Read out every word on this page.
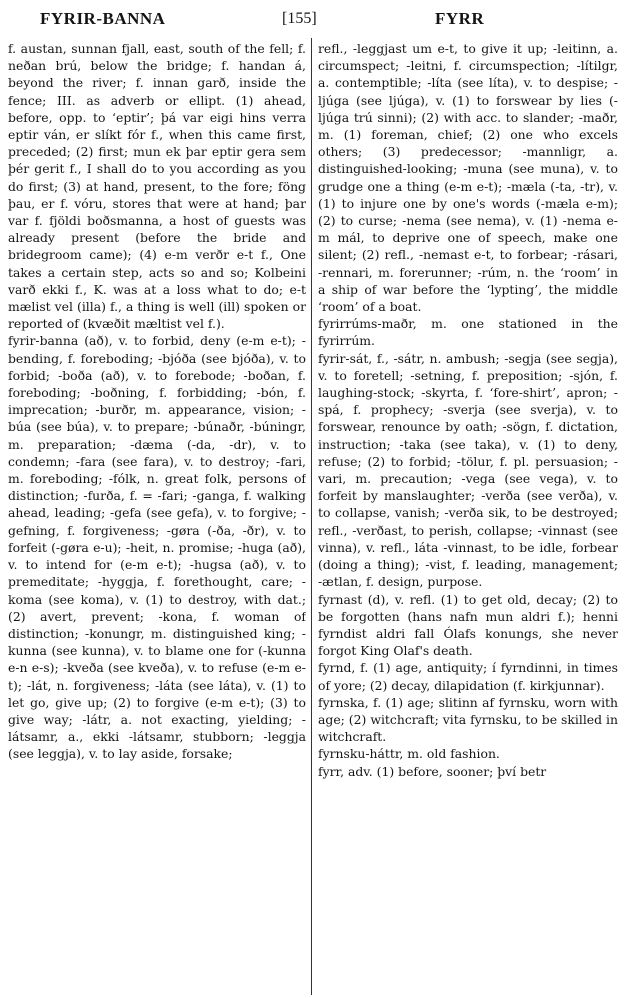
FYRIR-BANNA	[155]	FYRR

f. austan, sunnan fjall, east, south of the fell; f. neðan brú, below the bridge; f. handan á, beyond the river; f. innan garð, inside the fence; III. as adverb or ellipt. (1) ahead, before, opp. to ‘eptir’; þá var eigi hins verra eptir ván, er slíkt fór f., when this came first, preceded; (2) first; mun ek þar eptir gera sem þér gerit f., I shall do to you according as you do first; (3) at hand, present, to the fore; föng þau, er f. vóru, stores that were at hand; þar var f. fjöldi boðsmanna, a host of guests was already present (before the bride and bridegroom came); (4) e-m verðr e-t f., One takes a certain step, acts so and so; Kolbeini varð ekki f., K. was at a loss what to do; e-t mælist vel (illa) f., a thing is well (ill) spoken or reported of (kvæðit mæltist vel f.).

fyrir-banna (að), v. to forbid, deny (e-m e-t); -bending, f. foreboding; -bjóða (see bjóða), v. to forbid; -boða (að), v. to forebode; -boðan, f. foreboding; -boðning, f. forbidding; -bón, f. imprecation; -burðr, m. appearance, vision; -búa (see búa), v. to prepare; -búnaðr, -búningr, m. preparation; -dæma (-da, -dr), v. to condemn; -fara (see fara), v. to destroy; -fari, m. foreboding; -fólk, n. great folk, persons of distinction; -furða, f. = -fari; -ganga, f. walking ahead, leading; -gefa (see gefa), v. to forgive; -gefning, f. forgiveness; -gøra (-ða, -ðr), v. to forfeit (-gøra e-u); -heit, n. promise; -huga (að), v. to intend for (e-m e-t); -hugsa (að), v. to premeditate; -hyggja, f. forethought, care; -koma (see koma), v. (1) to destroy, with dat.; (2) avert, prevent; -kona, f. woman of distinction; -konungr, m. distinguished king; -kunna (see kunna), v. to blame one for (-kunna e-n e-s); -kveða (see kveða), v. to refuse (e-m e-t); -lát, n. forgiveness; -láta (see láta), v. (1) to let go, give up; (2) to forgive (e-m e-t); (3) to give way; -látr, a. not exacting, yielding; -látsamr, a., ekki -látsamr, stubborn; -leggja (see leggja), v. to lay aside, forsake;

refl., -leggjast um e-t, to give it up; -leitinn, a. circumspect; -leitni, f. circumspection; -lítilgr, a. contemptible; -líta (see líta), v. to despise; -ljúga (see ljúga), v. (1) to forswear by lies (-ljúga trú sinni); (2) with acc. to slander; -maðr, m. (1) foreman, chief; (2) one who excels others; (3) predecessor; -mannligr, a. distinguished-looking; -muna (see muna), v. to grudge one a thing (e-m e-t); -mæla (-ta, -tr), v. (1) to injure one by one's words (-mæla e-m); (2) to curse; -nema (see nema), v. (1) -nema e-m mál, to deprive one of speech, make one silent; (2) refl., -nemast e-t, to forbear; -rásari, -rennari, m. forerunner; -rúm, n. the ‘room’ in a ship of war before the ‘lypting’, the middle ‘room’ of a boat.

fyrirrúms-maðr, m. one stationed in the fyrirrúm.

fyrir-sát, f., -sátr, n. ambush; -segja (see segja), v. to foretell; -setning, f. preposition; -sjón, f. laughing-stock; -skyrta, f. ‘fore-shirt’, apron; -spá, f. prophecy; -sverja (see sverja), v. to forswear, renounce by oath; -sögn, f. dictation, instruction; -taka (see taka), v. (1) to deny, refuse; (2) to forbid; -tölur, f. pl. persuasion; -vari, m. precaution; -vega (see vega), v. to forfeit by manslaughter; -verða (see verða), v. to collapse, vanish; -verða sik, to be destroyed; refl., -verðast, to perish, collapse; -vinnast (see vinna), v. refl., láta -vinnast, to be idle, forbear (doing a thing); -vist, f. leading, management; -ætlan, f. design, purpose.

fyrnast (d), v. refl. (1) to get old, decay; (2) to be forgotten (hans nafn mun aldri f.); henni fyrndist aldri fall Ólafs konungs, she never forgot King Olaf's death.

fyrnd, f. (1) age, antiquity; í fyrndinni, in times of yore; (2) decay, dilapidation (f. kirkjunnar).

fyrnska, f. (1) age; slitinn af fyrnsku, worn with age; (2) witchcraft; vita fyrnsku, to be skilled in witchcraft.

fyrnsku-háttr, m. old fashion.

fyrr, adv. (1) before, sooner; því betr
